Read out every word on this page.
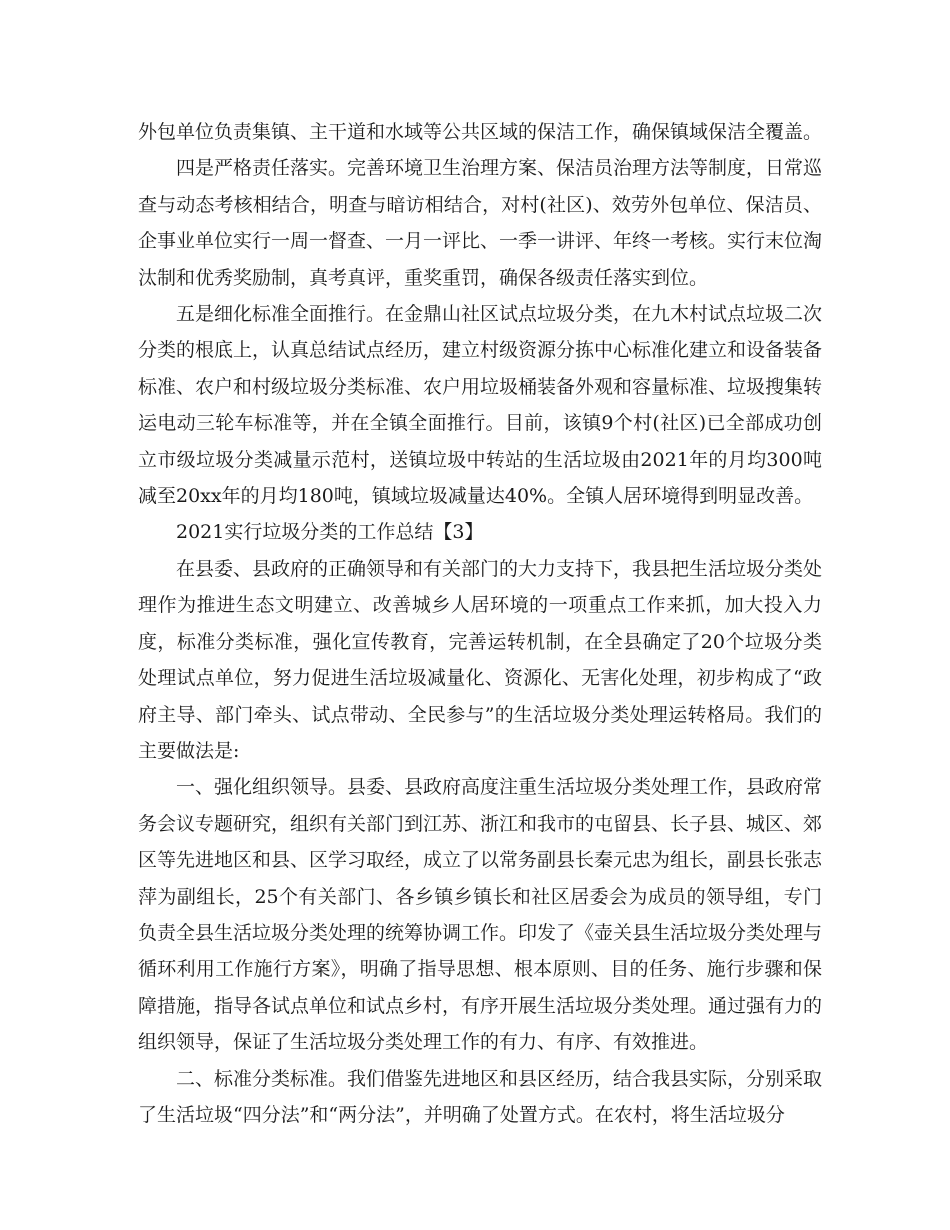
外包单位负责集镇、主干道和水域等公共区域的保洁工作，确保镇域保洁全覆盖。

四是严格责任落实。完善环境卫生治理方案、保洁员治理方法等制度，日常巡查与动态考核相结合，明查与暗访相结合，对村(社区)、效劳外包单位、保洁员、企事业单位实行一周一督查、一月一评比、一季一讲评、年终一考核。实行末位淘汰制和优秀奖励制，真考真评，重奖重罚，确保各级责任落实到位。

五是细化标准全面推行。在金鼎山社区试点垃圾分类，在九木村试点垃圾二次分类的根底上，认真总结试点经历，建立村级资源分拣中心标准化建立和设备装备标准、农户和村级垃圾分类标准、农户用垃圾桶装备外观和容量标准、垃圾搜集转运电动三轮车标准等，并在全镇全面推行。目前，该镇9个村(社区)已全部成功创立市级垃圾分类减量示范村，送镇垃圾中转站的生活垃圾由2021年的月均300吨减至20xx年的月均180吨，镇域垃圾减量达40%。全镇人居环境得到明显改善。

2021实行垃圾分类的工作总结【3】

在县委、县政府的正确领导和有关部门的大力支持下，我县把生活垃圾分类处理作为推进生态文明建立、改善城乡人居环境的一项重点工作来抓，加大投入力度，标准分类标准，强化宣传教育，完善运转机制，在全县确定了20个垃圾分类处理试点单位，努力促进生活垃圾减量化、资源化、无害化处理，初步构成了“政府主导、部门牵头、试点带动、全民参与”的生活垃圾分类处理运转格局。我们的主要做法是:

一、强化组织领导。县委、县政府高度注重生活垃圾分类处理工作，县政府常务会议专题研究，组织有关部门到江苏、浙江和我市的屯留县、长子县、城区、郊区等先进地区和县、区学习取经，成立了以常务副县长秦元忠为组长，副县长张志萍为副组长，25个有关部门、各乡镇乡镇长和社区居委会为成员的领导组，专门负责全县生活垃圾分类处理的统筹协调工作。印发了《壶关县生活垃圾分类处理与循环利用工作施行方案》，明确了指导思想、根本原则、目的任务、施行步骤和保障措施，指导各试点单位和试点乡村，有序开展生活垃圾分类处理。通过强有力的组织领导，保证了生活垃圾分类处理工作的有力、有序、有效推进。

二、标准分类标准。我们借鉴先进地区和县区经历，结合我县实际，分别采取了生活垃圾“四分法”和“两分法”，并明确了处置方式。在农村，将生活垃圾分
